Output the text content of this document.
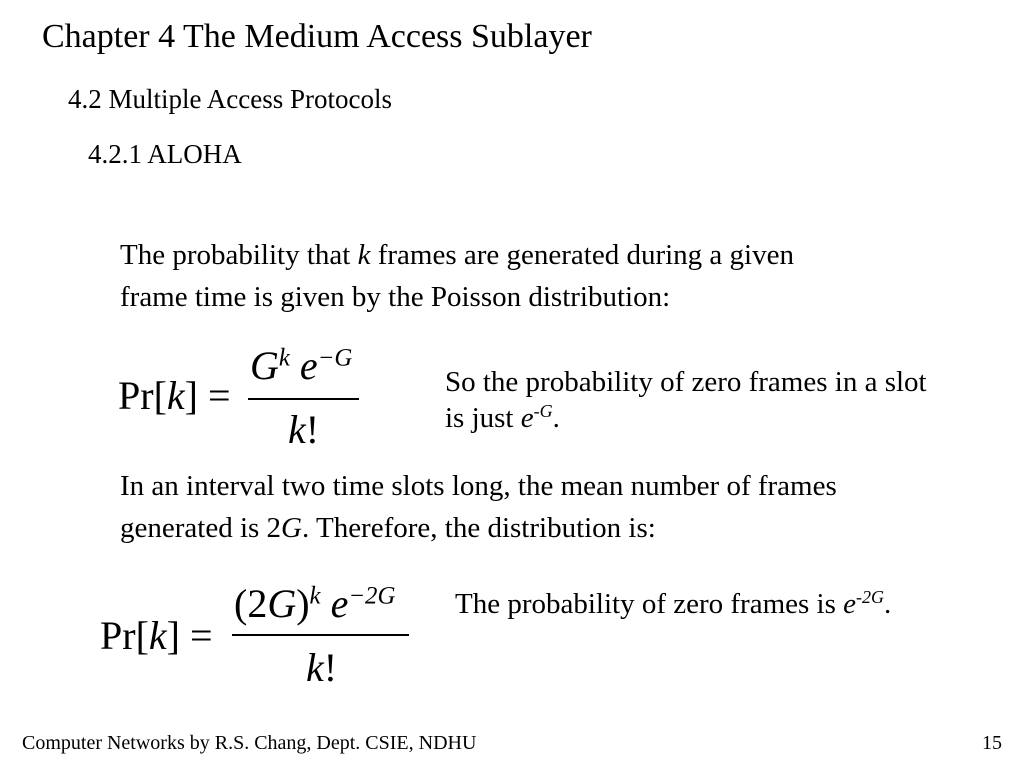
Chapter 4 The Medium Access Sublayer
4.2 Multiple Access Protocols
4.2.1 ALOHA
The probability that k frames are generated during a given
frame time is given by the Poisson distribution:
Pr[k] =
$G^k$ $e^{-G}$
k!
So the probability of zero frames in a slot
is just $e^{-G}$.
In an interval two time slots long, the mean number of frames
generated is 2G. Therefore, the distribution is:
Pr[k] =
$(2G)^k$ $e^{-2G}$
k!
The probability of zero frames is $e^{-2G}$.
Computer Networks by R.S. Chang, Dept. CSIE, NDHU	15
